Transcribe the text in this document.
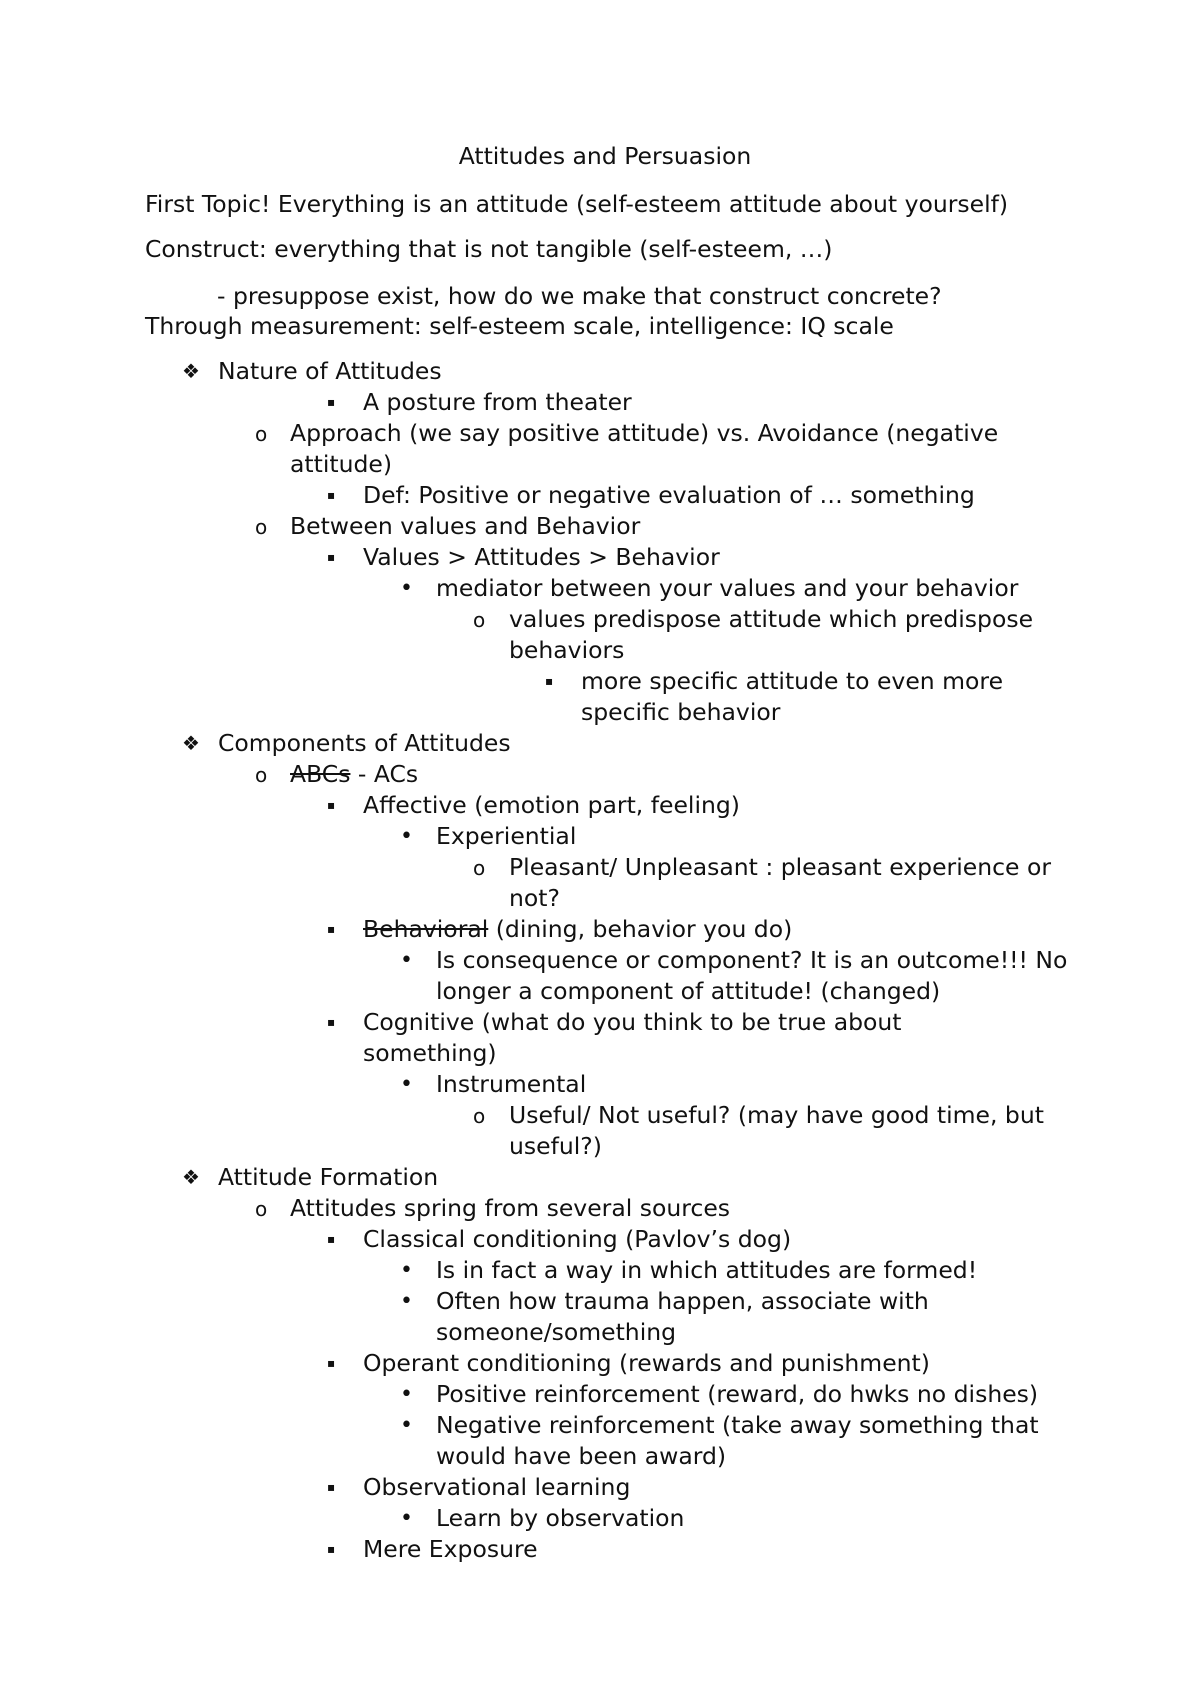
Attitudes and Persuasion
First Topic! Everything is an attitude (self-esteem attitude about yourself)
Construct: everything that is not tangible (self-esteem, …)
- presuppose exist, how do we make that construct concrete?
Through measurement: self-esteem scale, intelligence: IQ scale
❖ Nature of Attitudes
▪ A posture from theater
o Approach (we say positive attitude) vs. Avoidance (negative attitude)
▪ Def: Positive or negative evaluation of … something
o Between values and Behavior
▪ Values > Attitudes > Behavior
• mediator between your values and your behavior
o values predispose attitude which predispose behaviors
▪ more specific attitude to even more specific behavior
❖ Components of Attitudes
o ABCs - ACs
▪ Affective (emotion part, feeling)
• Experiential
o Pleasant/ Unpleasant : pleasant experience or not?
▪ Behavioral (dining, behavior you do)
• Is consequence or component? It is an outcome!!! No longer a component of attitude! (changed)
▪ Cognitive (what do you think to be true about something)
• Instrumental
o Useful/ Not useful? (may have good time, but useful?)
❖ Attitude Formation
o Attitudes spring from several sources
▪ Classical conditioning (Pavlov’s dog)
• Is in fact a way in which attitudes are formed!
• Often how trauma happen, associate with someone/something
▪ Operant conditioning (rewards and punishment)
• Positive reinforcement (reward, do hwks no dishes)
• Negative reinforcement (take away something that would have been award)
▪ Observational learning
• Learn by observation
▪ Mere Exposure
